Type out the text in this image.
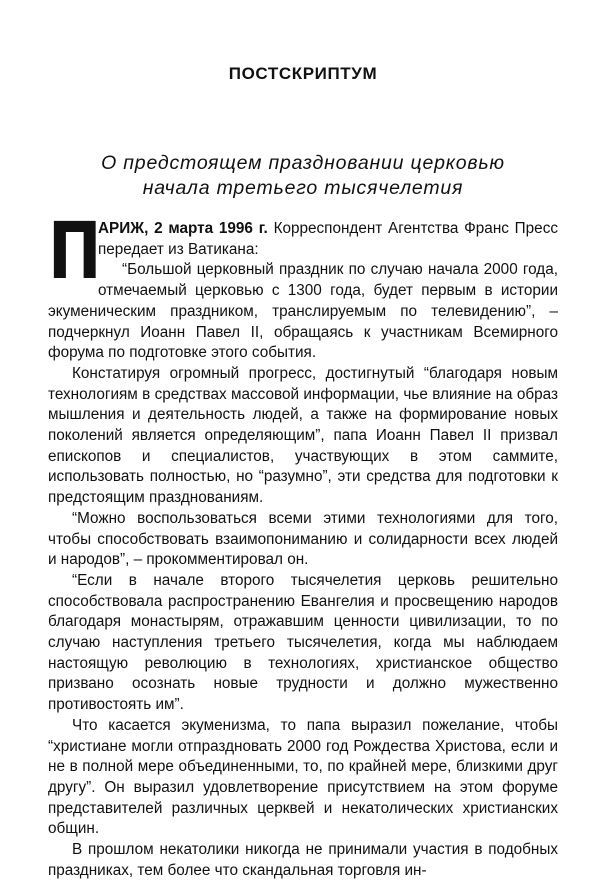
ПОСТСКРИПТУМ
О предстоящем праздновании церковью
начала третьего тысячелетия

П
АРИЖ, 2 марта 1996 г. Корреспондент Агентства Франс Пресс передает из Ватикана:

“Большой церковный праздник по случаю начала 2000 года, отмечаемый церковью с 1300 года, будет первым в истории экуменическим праздником, транслируемым по телевидению”, – подчеркнул Иоанн Павел II, обращаясь к участникам Всемирного форума по подготовке этого события.

Констатируя огромный прогресс, достигнутый “благодаря новым технологиям в средствах массовой информации, чье влияние на образ мышления и деятельность людей, а также на формирование новых поколений является определяющим”, папа Иоанн Павел II призвал епископов и специалистов, участвующих в этом саммите, использовать полностью, но “разумно”, эти средства для подготовки к предстоящим празднованиям.

“Можно воспользоваться всеми этими технологиями для того, чтобы способствовать взаимопониманию и солидарности всех людей и народов”, – прокомментировал он.

“Если в начале второго тысячелетия церковь решительно способствовала распространению Евангелия и просвещению народов благодаря монастырям, отражавшим ценности цивилизации, то по случаю наступления третьего тысячелетия, когда мы наблюдаем настоящую революцию в технологиях, христианское общество призвано осознать новые трудности и должно мужественно противостоять им”.

Что касается экуменизма, то папа выразил пожелание, чтобы “христиане могли отпраздновать 2000 год Рождества Христова, если и не в полной мере объединенными, то, по крайней мере, близкими друг другу”. Он выразил удовлетворение присутствием на этом форуме представителей различных церквей и некатолических христианских общин.

В прошлом некатолики никогда не принимали участия в подобных праздниках, тем более что скандальная торговля ин-
